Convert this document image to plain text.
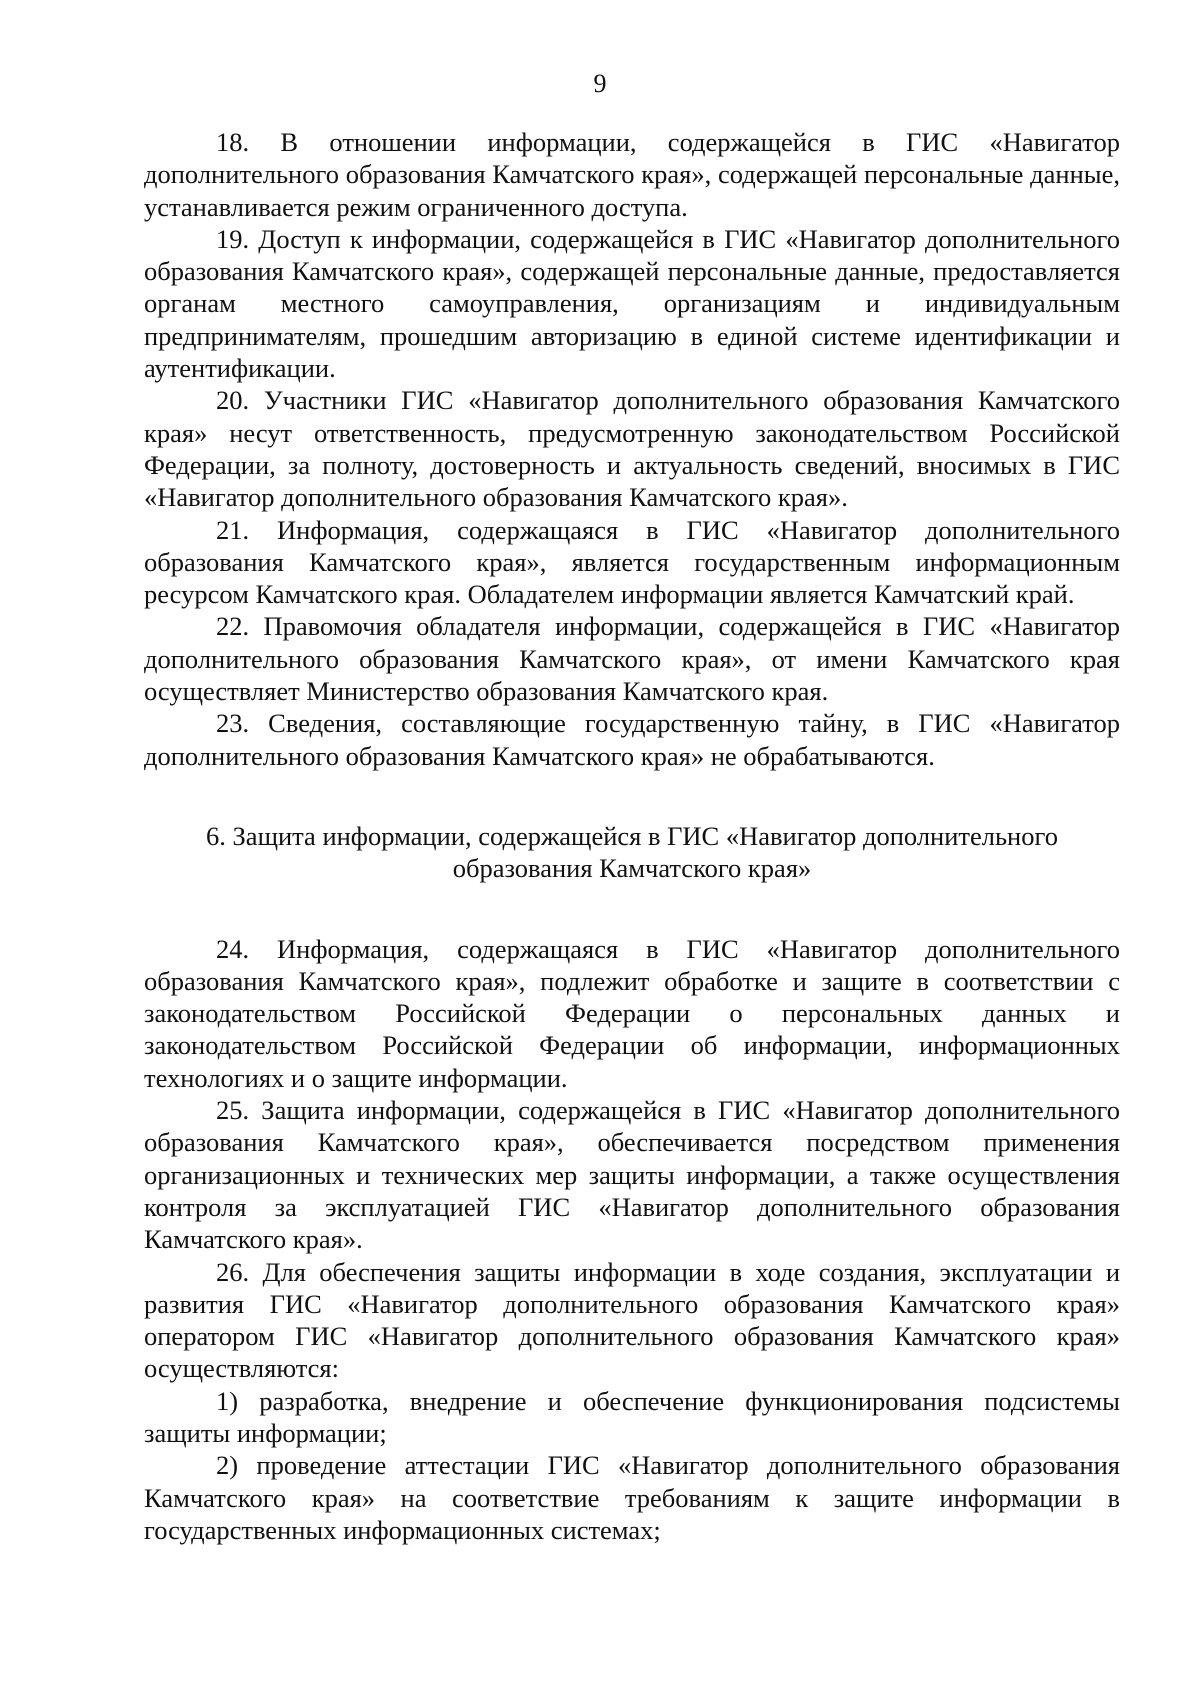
9

18. В отношении информации, содержащейся в ГИС «Навигатор дополнительного образования Камчатского края», содержащей персональные данные, устанавливается режим ограниченного доступа.

19. Доступ к информации, содержащейся в ГИС «Навигатор дополнительного образования Камчатского края», содержащей персональные данные, предоставляется органам местного самоуправления, организациям и индивидуальным предпринимателям, прошедшим авторизацию в единой системе идентификации и аутентификации.

20. Участники ГИС «Навигатор дополнительного образования Камчатского края» несут ответственность, предусмотренную законодательством Российской Федерации, за полноту, достоверность и актуальность сведений, вносимых в ГИС «Навигатор дополнительного образования Камчатского края».

21. Информация, содержащаяся в ГИС «Навигатор дополнительного образования Камчатского края», является государственным информационным ресурсом Камчатского края. Обладателем информации является Камчатский край.

22. Правомочия обладателя информации, содержащейся в ГИС «Навигатор дополнительного образования Камчатского края», от имени Камчатского края осуществляет Министерство образования Камчатского края.

23. Сведения, составляющие государственную тайну, в ГИС «Навигатор дополнительного образования Камчатского края» не обрабатываются.

6. Защита информации, содержащейся в ГИС «Навигатор дополнительного
образования Камчатского края»

24. Информация, содержащаяся в ГИС «Навигатор дополнительного образования Камчатского края», подлежит обработке и защите в соответствии с законодательством Российской Федерации о персональных данных и законодательством Российской Федерации об информации, информационных технологиях и о защите информации.

25. Защита информации, содержащейся в ГИС «Навигатор дополнительного образования Камчатского края», обеспечивается посредством применения организационных и технических мер защиты информации, а также осуществления контроля за эксплуатацией ГИС «Навигатор дополнительного образования Камчатского края».

26. Для обеспечения защиты информации в ходе создания, эксплуатации и развития ГИС «Навигатор дополнительного образования Камчатского края» оператором ГИС «Навигатор дополнительного образования Камчатского края» осуществляются:

1) разработка, внедрение и обеспечение функционирования подсистемы защиты информации;

2) проведение аттестации ГИС «Навигатор дополнительного образования Камчатского края» на соответствие требованиям к защите информации в государственных информационных системах;
